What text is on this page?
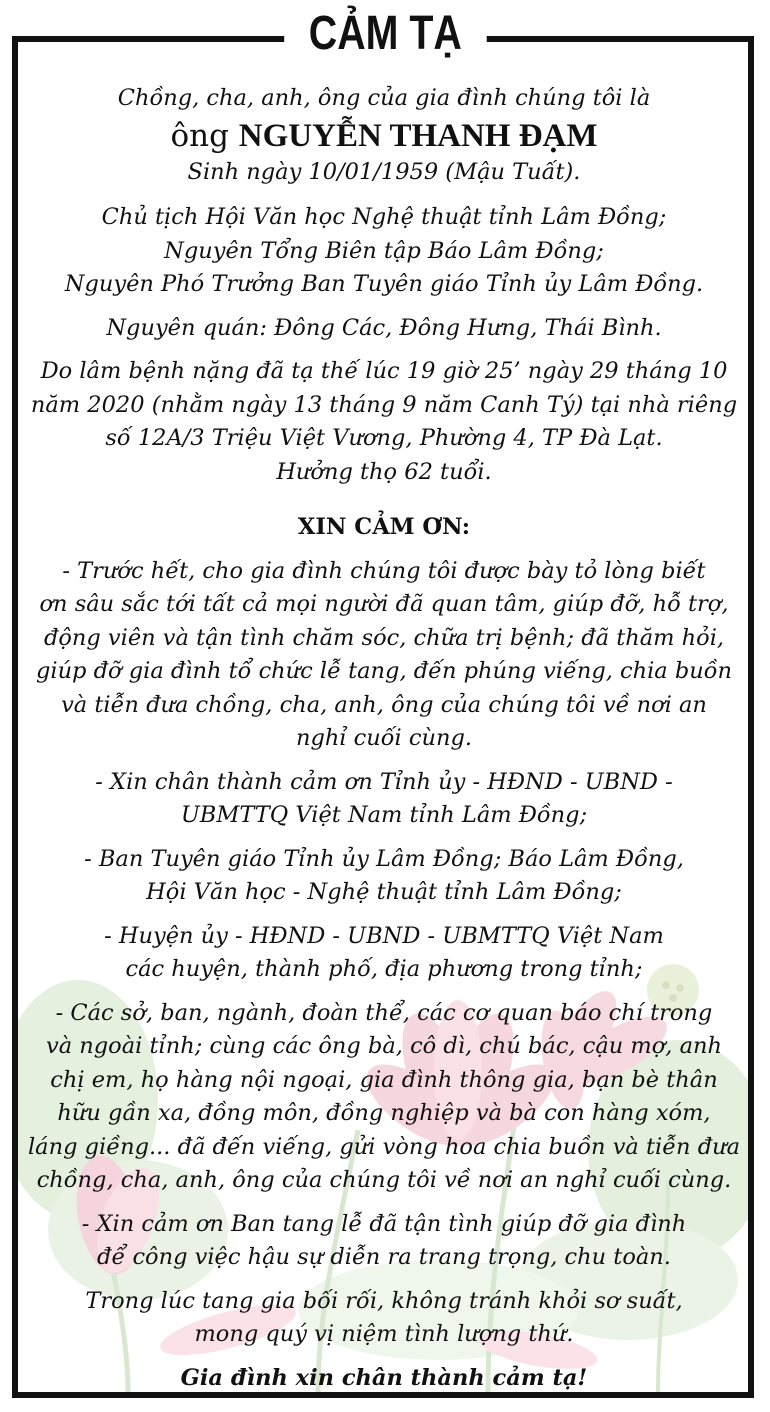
CẢM TẠ

Chồng, cha, anh, ông của gia đình chúng tôi là

ông NGUYỄN THANH ĐẠM

Sinh ngày 10/01/1959 (Mậu Tuất).

Chủ tịch Hội Văn học Nghệ thuật tỉnh Lâm Đồng;
Nguyên Tổng Biên tập Báo Lâm Đồng;
Nguyên Phó Trưởng Ban Tuyên giáo Tỉnh ủy Lâm Đồng.

Nguyên quán: Đông Các, Đông Hưng, Thái Bình.

Do lâm bệnh nặng đã tạ thế lúc 19 giờ 25’ ngày 29 tháng 10
năm 2020 (nhằm ngày 13 tháng 9 năm Canh Tý) tại nhà riêng
số 12A/3 Triệu Việt Vương, Phường 4, TP Đà Lạt.
Hưởng thọ 62 tuổi.

XIN CẢM ƠN:

- Trước hết, cho gia đình chúng tôi được bày tỏ lòng biết
ơn sâu sắc tới tất cả mọi người đã quan tâm, giúp đỡ, hỗ trợ,
động viên và tận tình chăm sóc, chữa trị bệnh; đã thăm hỏi,
giúp đỡ gia đình tổ chức lễ tang, đến phúng viếng, chia buồn
và tiễn đưa chồng, cha, anh, ông của chúng tôi về nơi an
nghỉ cuối cùng.

- Xin chân thành cảm ơn Tỉnh ủy - HĐND - UBND -
UBMTTQ Việt Nam tỉnh Lâm Đồng;

- Ban Tuyên giáo Tỉnh ủy Lâm Đồng; Báo Lâm Đồng,
Hội Văn học - Nghệ thuật tỉnh Lâm Đồng;

- Huyện ủy - HĐND - UBND - UBMTTQ Việt Nam
các huyện, thành phố, địa phương trong tỉnh;

- Các sở, ban, ngành, đoàn thể, các cơ quan báo chí trong
và ngoài tỉnh; cùng các ông bà, cô dì, chú bác, cậu mợ, anh
chị em, họ hàng nội ngoại, gia đình thông gia, bạn bè thân
hữu gần xa, đồng môn, đồng nghiệp và bà con hàng xóm,
láng giềng... đã đến viếng, gửi vòng hoa chia buồn và tiễn đưa
chồng, cha, anh, ông của chúng tôi về nơi an nghỉ cuối cùng.

- Xin cảm ơn Ban tang lễ đã tận tình giúp đỡ gia đình
để công việc hậu sự diễn ra trang trọng, chu toàn.

Trong lúc tang gia bối rối, không tránh khỏi sơ suất,
mong quý vị niệm tình lượng thứ.

Gia đình xin chân thành cảm tạ!
